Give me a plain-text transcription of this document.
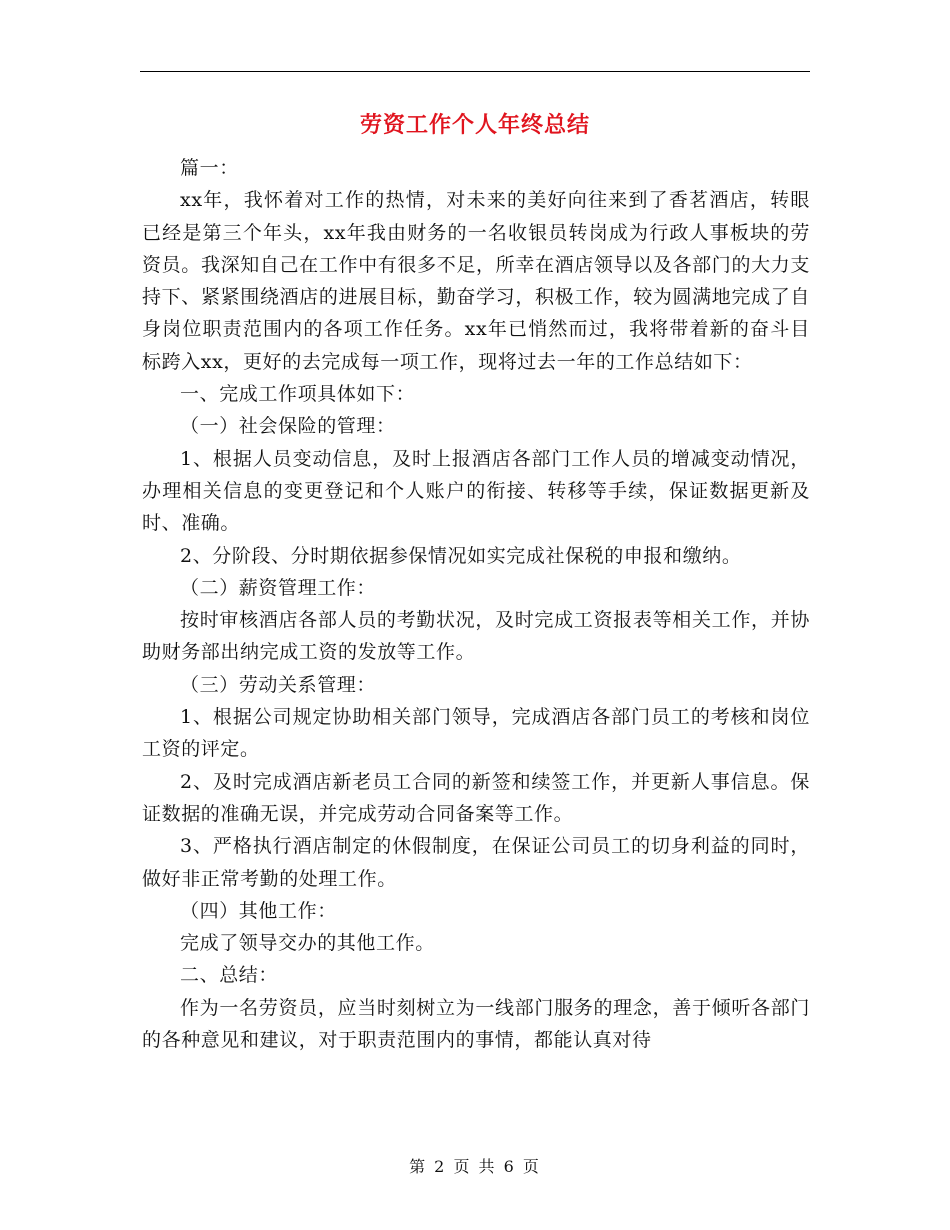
劳资工作个人年终总结

篇一：

xx年，我怀着对工作的热情，对未来的美好向往来到了香茗酒店，转眼已经是第三个年头，xx年我由财务的一名收银员转岗成为行政人事板块的劳资员。我深知自己在工作中有很多不足，所幸在酒店领导以及各部门的大力支持下、紧紧围绕酒店的进展目标，勤奋学习，积极工作，较为圆满地完成了自身岗位职责范围内的各项工作任务。xx年已悄然而过，我将带着新的奋斗目标跨入xx，更好的去完成每一项工作，现将过去一年的工作总结如下：

一、完成工作项具体如下：

（一）社会保险的管理：

1、根据人员变动信息，及时上报酒店各部门工作人员的增减变动情况，办理相关信息的变更登记和个人账户的衔接、转移等手续，保证数据更新及时、准确。

2、分阶段、分时期依据参保情况如实完成社保税的申报和缴纳。

（二）薪资管理工作：

按时审核酒店各部人员的考勤状况，及时完成工资报表等相关工作，并协助财务部出纳完成工资的发放等工作。

（三）劳动关系管理：

1、根据公司规定协助相关部门领导，完成酒店各部门员工的考核和岗位工资的评定。

2、及时完成酒店新老员工合同的新签和续签工作，并更新人事信息。保证数据的准确无误，并完成劳动合同备案等工作。

3、严格执行酒店制定的休假制度，在保证公司员工的切身利益的同时，做好非正常考勤的处理工作。

（四）其他工作：

完成了领导交办的其他工作。

二、总结：

作为一名劳资员，应当时刻树立为一线部门服务的理念，善于倾听各部门的各种意见和建议，对于职责范围内的事情，都能认真对待

第 2 页 共 6 页
